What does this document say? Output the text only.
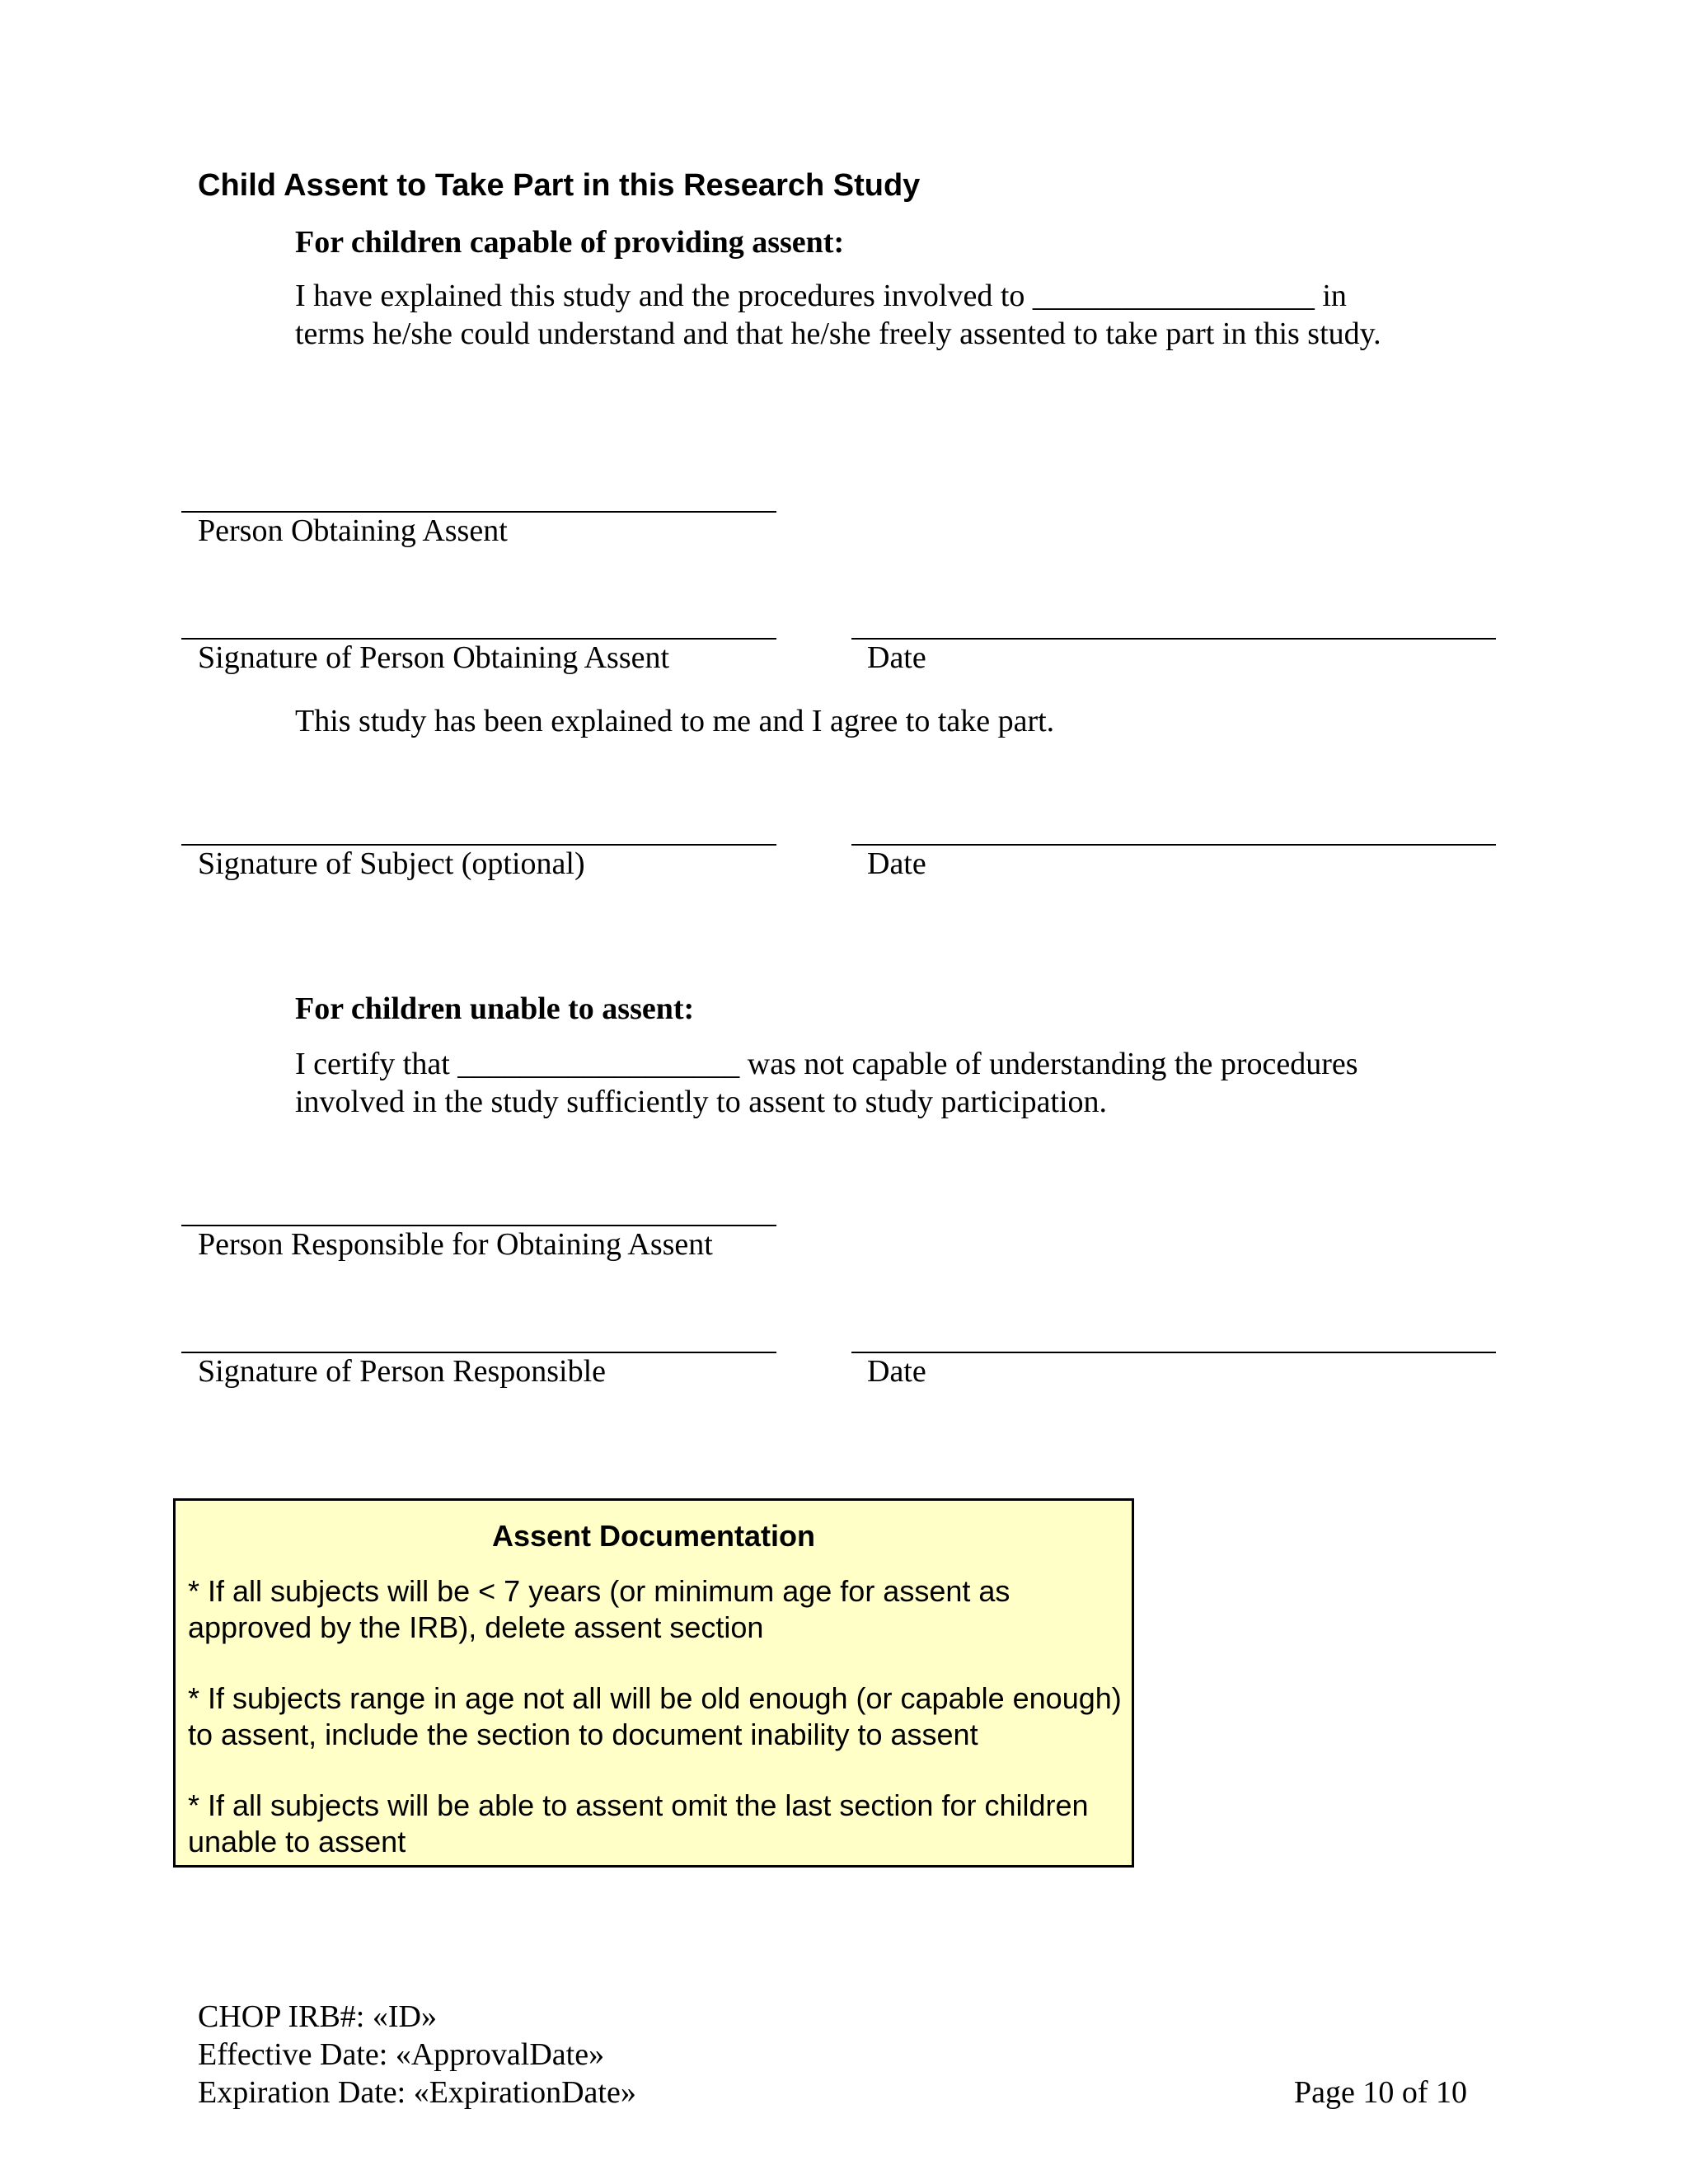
Child Assent to Take Part in this Research Study
For children capable of providing assent:
I have explained this study and the procedures involved to __________________ in
terms he/she could understand and that he/she freely assented to take part in this study.
Person Obtaining Assent
Signature of Person Obtaining Assent	Date
This study has been explained to me and I agree to take part.
Signature of Subject (optional)	Date
For children unable to assent:
I certify that __________________ was not capable of understanding the procedures
involved in the study sufficiently to assent to study participation.
Person Responsible for Obtaining Assent
Signature of Person Responsible	Date
Assent Documentation
* If all subjects will be < 7 years (or minimum age for assent as approved by the IRB), delete assent section
* If subjects range in age not all will be old enough (or capable enough) to assent, include the section to document inability to assent
* If all subjects will be able to assent omit the last section for children unable to assent
CHOP IRB#: «ID»
Effective Date: «ApprovalDate»
Expiration Date: «ExpirationDate»	Page 10 of 10
